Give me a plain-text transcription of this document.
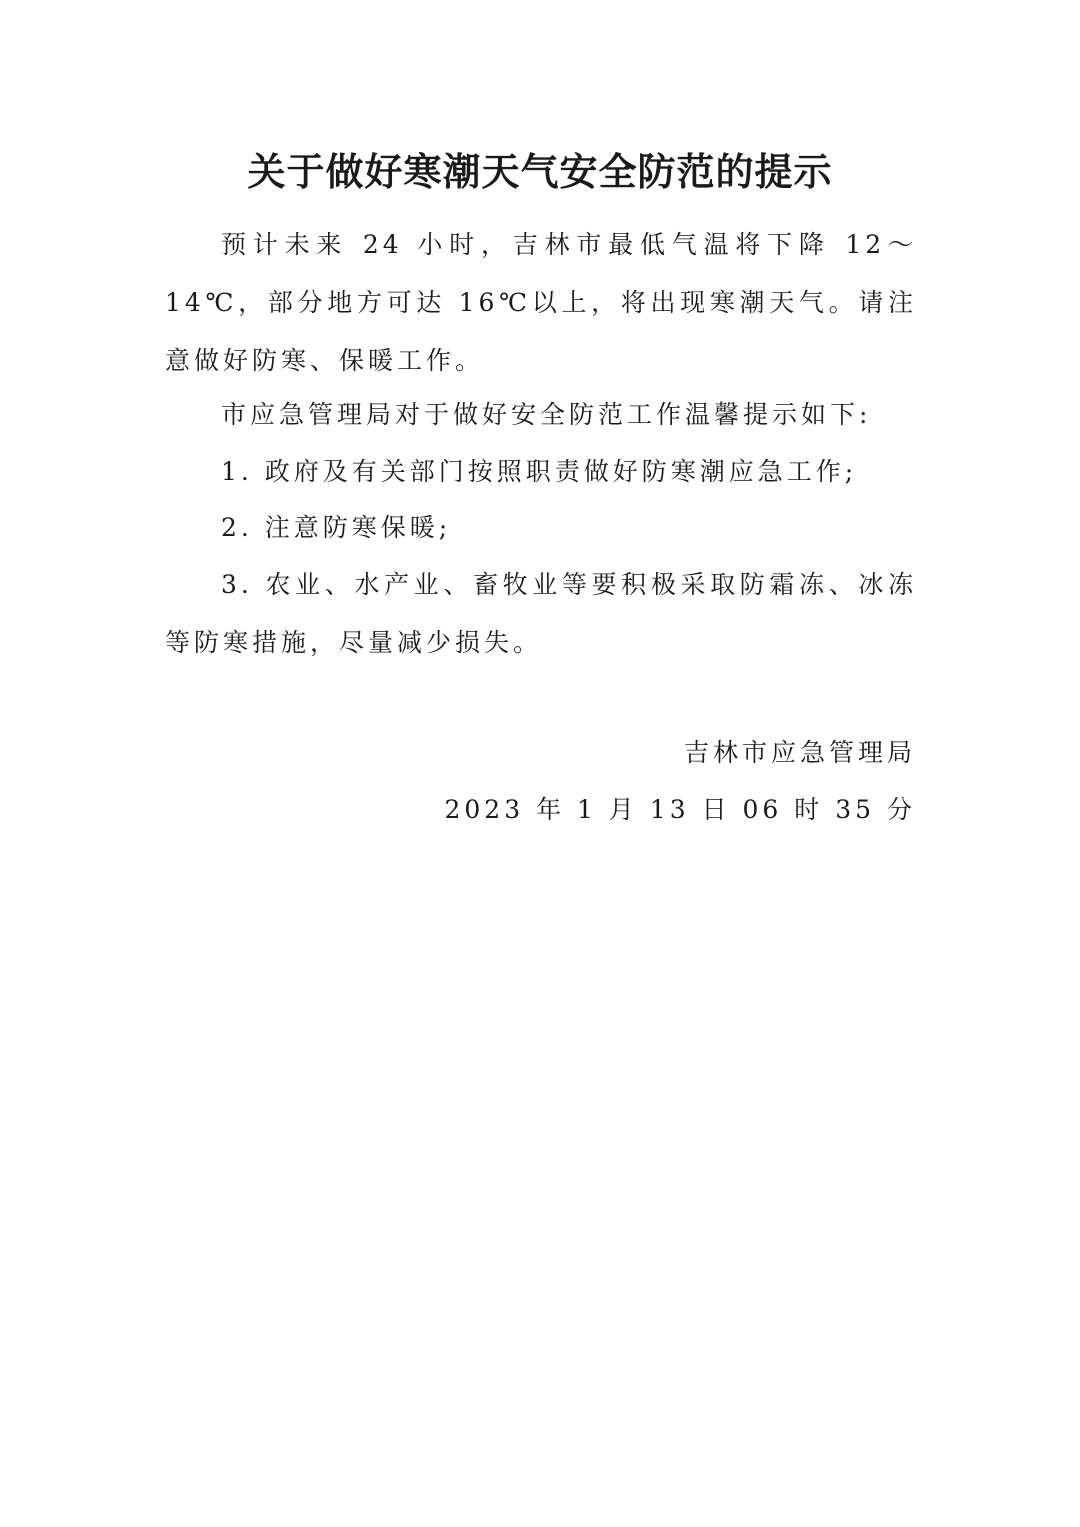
关于做好寒潮天气安全防范的提示

预计未来 24 小时，吉林市最低气温将下降 12～14℃，部分地方可达 16℃以上，将出现寒潮天气。请注意做好防寒、保暖工作。

市应急管理局对于做好安全防范工作温馨提示如下:

1. 政府及有关部门按照职责做好防寒潮应急工作;

2. 注意防寒保暖;

3. 农业、水产业、畜牧业等要积极采取防霜冻、冰冻等防寒措施，尽量减少损失。

吉林市应急管理局

2023 年 1 月 13 日 06 时 35 分
